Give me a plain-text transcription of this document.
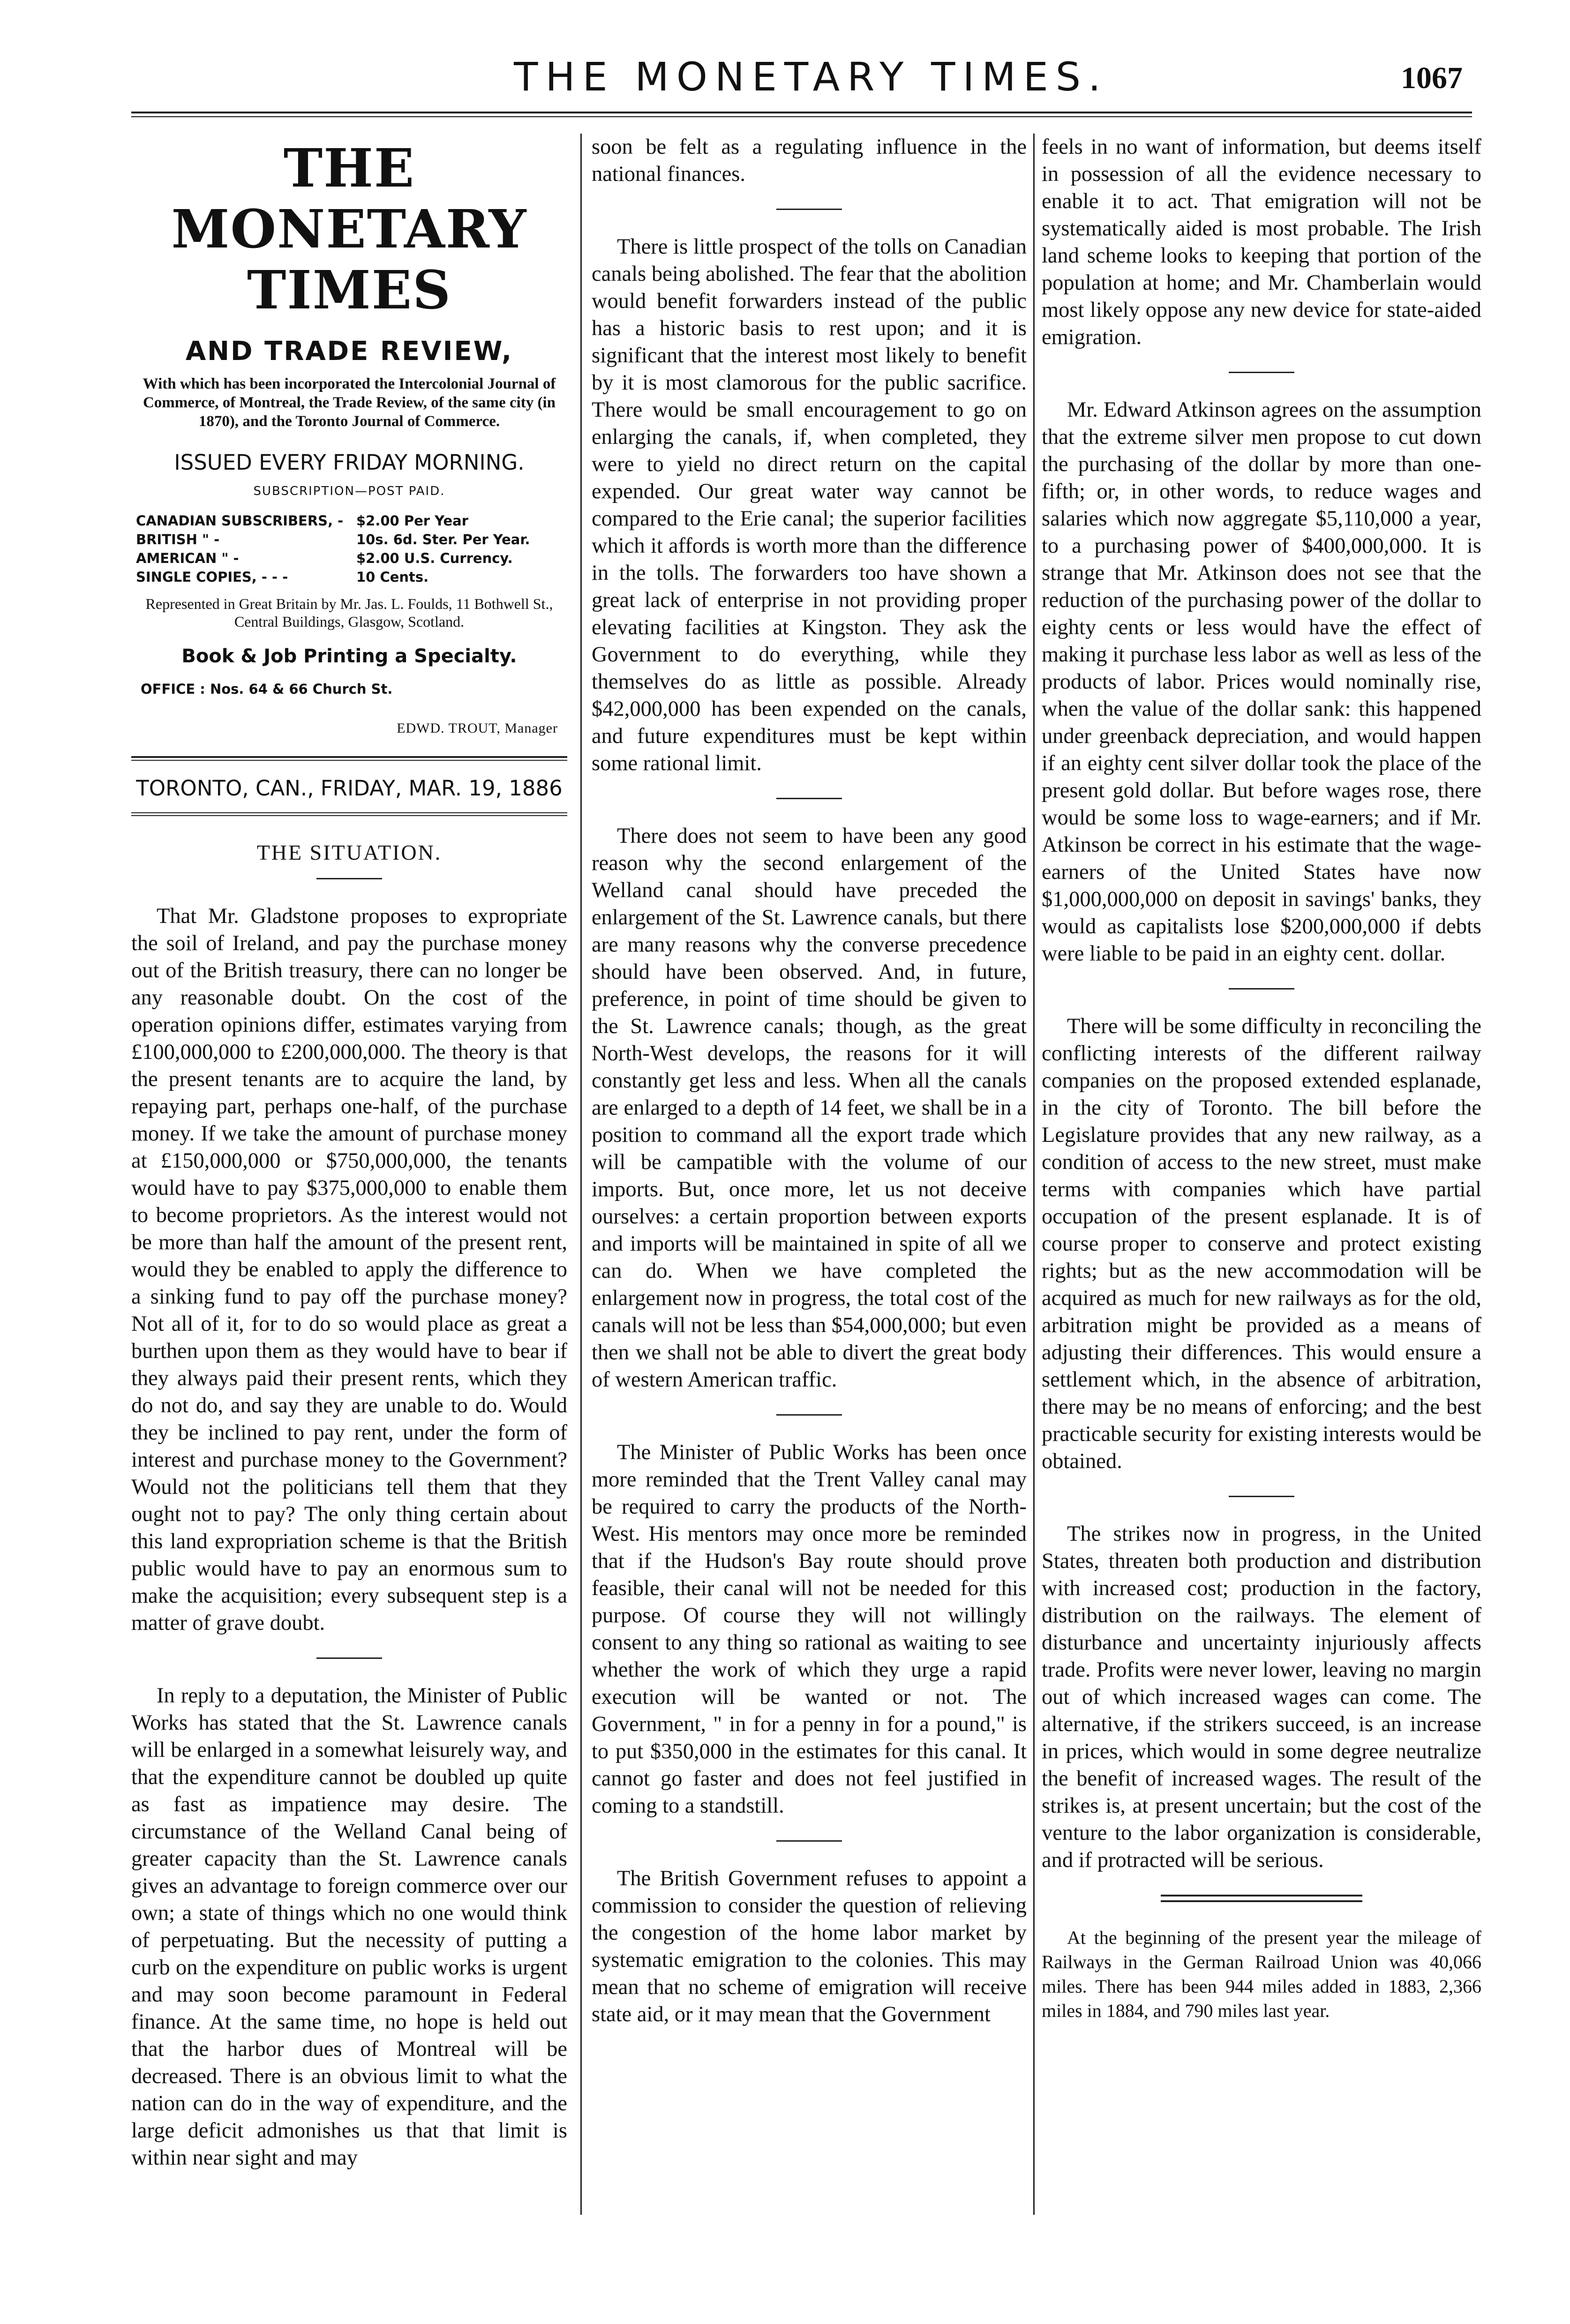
THE MONETARY TIMES.	1067
THE MONETARY TIMES
AND TRADE REVIEW,
With which has been incorporated the Intercolonial Journal of Commerce, of Montreal, the Trade Review, of the same city (in 1870), and the Toronto Journal of Commerce.
ISSUED EVERY FRIDAY MORNING.
SUBSCRIPTION—POST PAID.
CANADIAN SUBSCRIBERS, - $2.00 Per Year
BRITISH " -	10s. 6d. Ster. Per Year.
AMERICAN " -	$2.00 U.S. Currency.
SINGLE COPIES, - - -	10 Cents.
Represented in Great Britain by Mr. Jas. L. Foulds, 11 Bothwell St., Central Buildings, Glasgow, Scotland.
Book & Job Printing a Specialty.
OFFICE : Nos. 64 & 66 Church St.
EDWD. TROUT, Manager
TORONTO, CAN., FRIDAY, MAR. 19, 1886
THE SITUATION.

That Mr. Gladstone proposes to expropriate the soil of Ireland, and pay the purchase money out of the British treasury, there can no longer be any reasonable doubt. On the cost of the operation opinions differ, estimates varying from £100,000,000 to £200,000,000. The theory is that the present tenants are to acquire the land, by repaying part, perhaps one-half, of the purchase money. If we take the amount of purchase money at £150,000,000 or $750,000,000, the tenants would have to pay $375,000,000 to enable them to become proprietors. As the interest would not be more than half the amount of the present rent, would they be enabled to apply the difference to a sinking fund to pay off the purchase money? Not all of it, for to do so would place as great a burthen upon them as they would have to bear if they always paid their present rents, which they do not do, and say they are unable to do. Would they be inclined to pay rent, under the form of interest and purchase money to the Government? Would not the politicians tell them that they ought not to pay? The only thing certain about this land expropriation scheme is that the British public would have to pay an enormous sum to make the acquisition; every subsequent step is a matter of grave doubt.

In reply to a deputation, the Minister of Public Works has stated that the St. Lawrence canals will be enlarged in a somewhat leisurely way, and that the expenditure cannot be doubled up quite as fast as impatience may desire. The circumstance of the Welland Canal being of greater capacity than the St. Lawrence canals gives an advantage to foreign commerce over our own; a state of things which no one would think of perpetuating. But the necessity of putting a curb on the expenditure on public works is urgent and may soon become paramount in Federal finance. At the same time, no hope is held out that the harbor dues of Montreal will be decreased. There is an obvious limit to what the nation can do in the way of expenditure, and the large deficit admonishes us that that limit is within near sight and may

soon be felt as a regulating influence in the national finances.

There is little prospect of the tolls on Canadian canals being abolished. The fear that the abolition would benefit forwarders instead of the public has a historic basis to rest upon; and it is significant that the interest most likely to benefit by it is most clamorous for the public sacrifice. There would be small encouragement to go on enlarging the canals, if, when completed, they were to yield no direct return on the capital expended. Our great water way cannot be compared to the Erie canal; the superior facilities which it affords is worth more than the difference in the tolls. The forwarders too have shown a great lack of enterprise in not providing proper elevating facilities at Kingston. They ask the Government to do everything, while they themselves do as little as possible. Already $42,000,000 has been expended on the canals, and future expenditures must be kept within some rational limit.

There does not seem to have been any good reason why the second enlargement of the Welland canal should have preceded the enlargement of the St. Lawrence canals, but there are many reasons why the converse precedence should have been observed. And, in future, preference, in point of time should be given to the St. Lawrence canals; though, as the great North-West develops, the reasons for it will constantly get less and less. When all the canals are enlarged to a depth of 14 feet, we shall be in a position to command all the export trade which will be campatible with the volume of our imports. But, once more, let us not deceive ourselves: a certain proportion between exports and imports will be maintained in spite of all we can do. When we have completed the enlargement now in progress, the total cost of the canals will not be less than $54,000,000; but even then we shall not be able to divert the great body of western American traffic.

The Minister of Public Works has been once more reminded that the Trent Valley canal may be required to carry the products of the North-West. His mentors may once more be reminded that if the Hudson's Bay route should prove feasible, their canal will not be needed for this purpose. Of course they will not willingly consent to any thing so rational as waiting to see whether the work of which they urge a rapid execution will be wanted or not. The Government, " in for a penny in for a pound," is to put $350,000 in the estimates for this canal. It cannot go faster and does not feel justified in coming to a standstill.

The British Government refuses to appoint a commission to consider the question of relieving the congestion of the home labor market by systematic emigration to the colonies. This may mean that no scheme of emigration will receive state aid, or it may mean that the Government

feels in no want of information, but deems itself in possession of all the evidence necessary to enable it to act. That emigration will not be systematically aided is most probable. The Irish land scheme looks to keeping that portion of the population at home; and Mr. Chamberlain would most likely oppose any new device for state-aided emigration.

Mr. Edward Atkinson agrees on the assumption that the extreme silver men propose to cut down the purchasing of the dollar by more than one-fifth; or, in other words, to reduce wages and salaries which now aggregate $5,110,000 a year, to a purchasing power of $400,000,000. It is strange that Mr. Atkinson does not see that the reduction of the purchasing power of the dollar to eighty cents or less would have the effect of making it purchase less labor as well as less of the products of labor. Prices would nominally rise, when the value of the dollar sank: this happened under greenback depreciation, and would happen if an eighty cent silver dollar took the place of the present gold dollar. But before wages rose, there would be some loss to wage-earners; and if Mr. Atkinson be correct in his estimate that the wage-earners of the United States have now $1,000,000,000 on deposit in savings' banks, they would as capitalists lose $200,000,000 if debts were liable to be paid in an eighty cent. dollar.

There will be some difficulty in reconciling the conflicting interests of the different railway companies on the proposed extended esplanade, in the city of Toronto. The bill before the Legislature provides that any new railway, as a condition of access to the new street, must make terms with companies which have partial occupation of the present esplanade. It is of course proper to conserve and protect existing rights; but as the new accommodation will be acquired as much for new railways as for the old, arbitration might be provided as a means of adjusting their differences. This would ensure a settlement which, in the absence of arbitration, there may be no means of enforcing; and the best practicable security for existing interests would be obtained.

The strikes now in progress, in the United States, threaten both production and distribution with increased cost; production in the factory, distribution on the railways. The element of disturbance and uncertainty injuriously affects trade. Profits were never lower, leaving no margin out of which increased wages can come. The alternative, if the strikers succeed, is an increase in prices, which would in some degree neutralize the benefit of increased wages. The result of the strikes is, at present uncertain; but the cost of the venture to the labor organization is considerable, and if protracted will be serious.

At the beginning of the present year the mileage of Railways in the German Railroad Union was 40,066 miles. There has been 944 miles added in 1883, 2,366 miles in 1884, and 790 miles last year.
